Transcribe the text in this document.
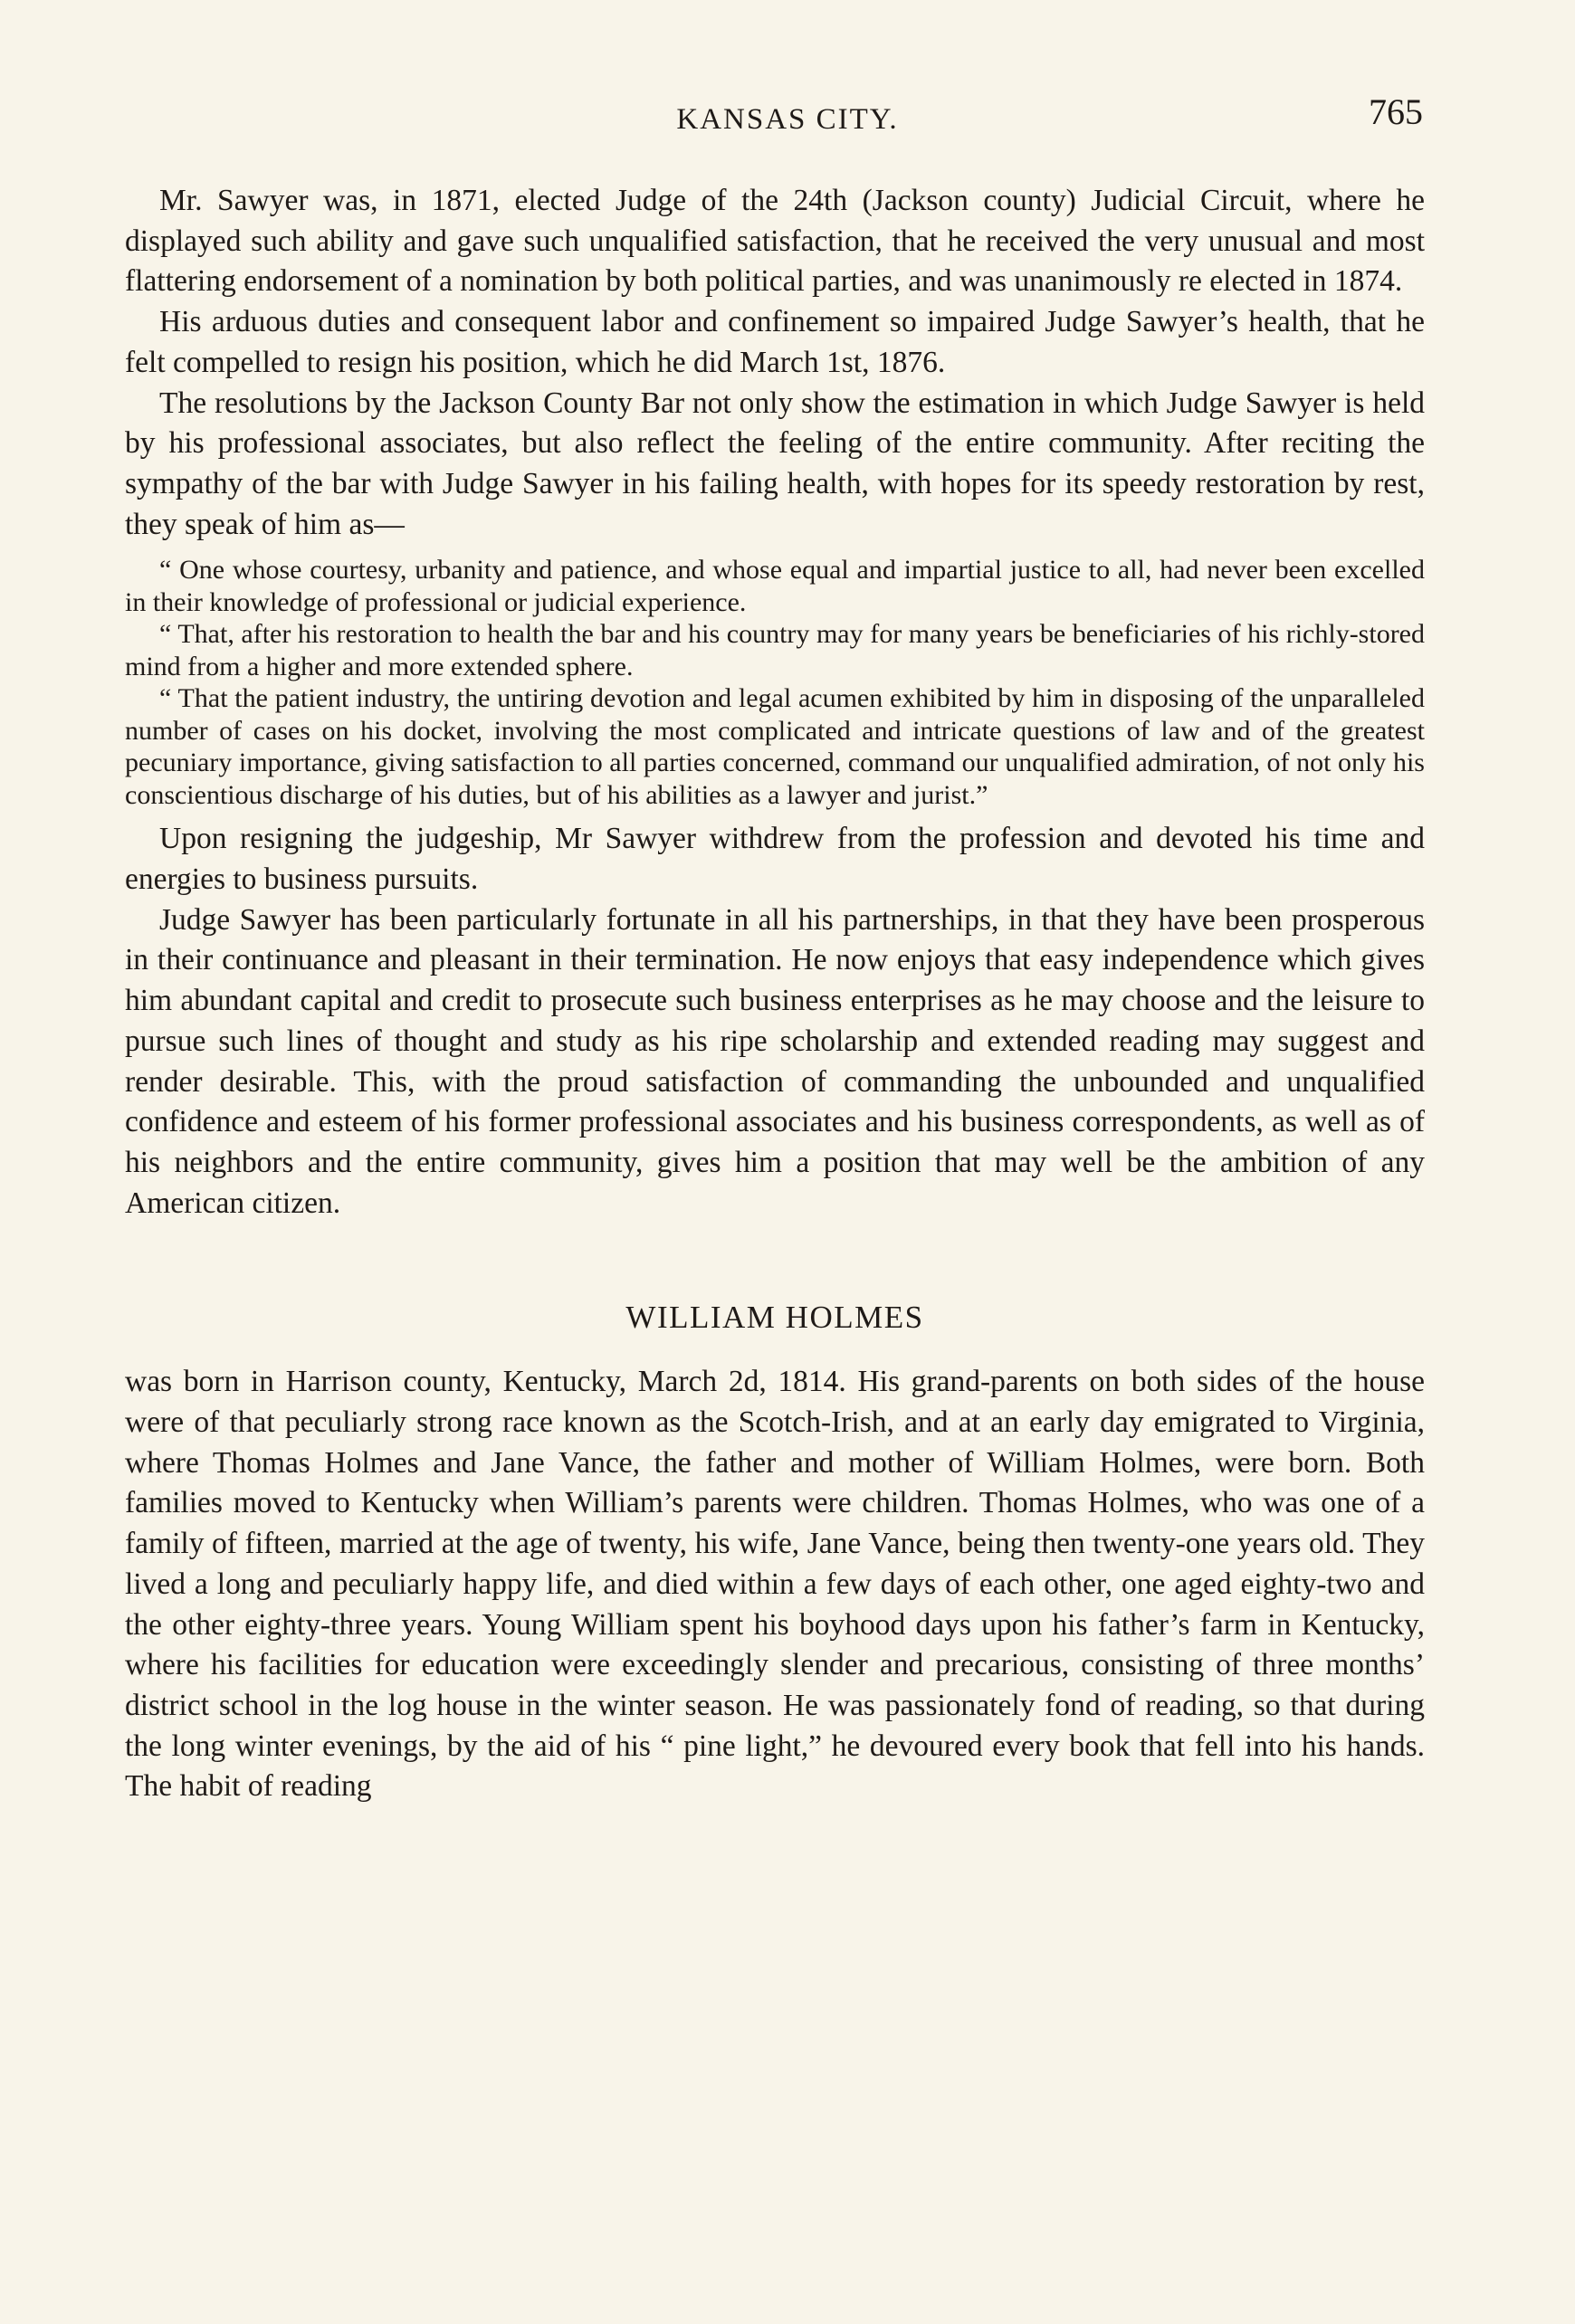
KANSAS CITY.	765

Mr. Sawyer was, in 1871, elected Judge of the 24th (Jackson county) Judicial Circuit, where he displayed such ability and gave such unqualified satisfaction, that he received the very unusual and most flattering endorsement of a nomination by both political parties, and was unanimously re elected in 1874.

His arduous duties and consequent labor and confinement so impaired Judge Sawyer’s health, that he felt compelled to resign his position, which he did March 1st, 1876.

The resolutions by the Jackson County Bar not only show the estimation in which Judge Sawyer is held by his professional associates, but also reflect the feeling of the entire community. After reciting the sympathy of the bar with Judge Sawyer in his failing health, with hopes for its speedy restoration by rest, they speak of him as—

“ One whose courtesy, urbanity and patience, and whose equal and impartial justice to all, had never been excelled in their knowledge of professional or judicial experience.

“ That, after his restoration to health the bar and his country may for many years be beneficiaries of his richly-stored mind from a higher and more extended sphere.

“ That the patient industry, the untiring devotion and legal acumen exhibited by him in disposing of the unparalleled number of cases on his docket, involving the most complicated and intricate questions of law and of the greatest pecuniary importance, giving satisfaction to all parties concerned, command our unqualified admiration, of not only his conscientious discharge of his duties, but of his abilities as a lawyer and jurist.”

Upon resigning the judgeship, Mr Sawyer withdrew from the profession and devoted his time and energies to business pursuits.

Judge Sawyer has been particularly fortunate in all his partnerships, in that they have been prosperous in their continuance and pleasant in their termination. He now enjoys that easy independence which gives him abundant capital and credit to prosecute such business enterprises as he may choose and the leisure to pursue such lines of thought and study as his ripe scholarship and extended reading may suggest and render desirable. This, with the proud satisfaction of commanding the unbounded and unqualified confidence and esteem of his former professional associates and his business correspondents, as well as of his neighbors and the entire community, gives him a position that may well be the ambition of any American citizen.

WILLIAM HOLMES

was born in Harrison county, Kentucky, March 2d, 1814. His grand-parents on both sides of the house were of that peculiarly strong race known as the Scotch-Irish, and at an early day emigrated to Virginia, where Thomas Holmes and Jane Vance, the father and mother of William Holmes, were born. Both families moved to Kentucky when William’s parents were children. Thomas Holmes, who was one of a family of fifteen, married at the age of twenty, his wife, Jane Vance, being then twenty-one years old. They lived a long and peculiarly happy life, and died within a few days of each other, one aged eighty-two and the other eighty-three years. Young William spent his boyhood days upon his father’s farm in Kentucky, where his facilities for education were exceedingly slender and precarious, consisting of three months’ district school in the log house in the winter season. He was passionately fond of reading, so that during the long winter evenings, by the aid of his “ pine light,” he devoured every book that fell into his hands. The habit of reading
